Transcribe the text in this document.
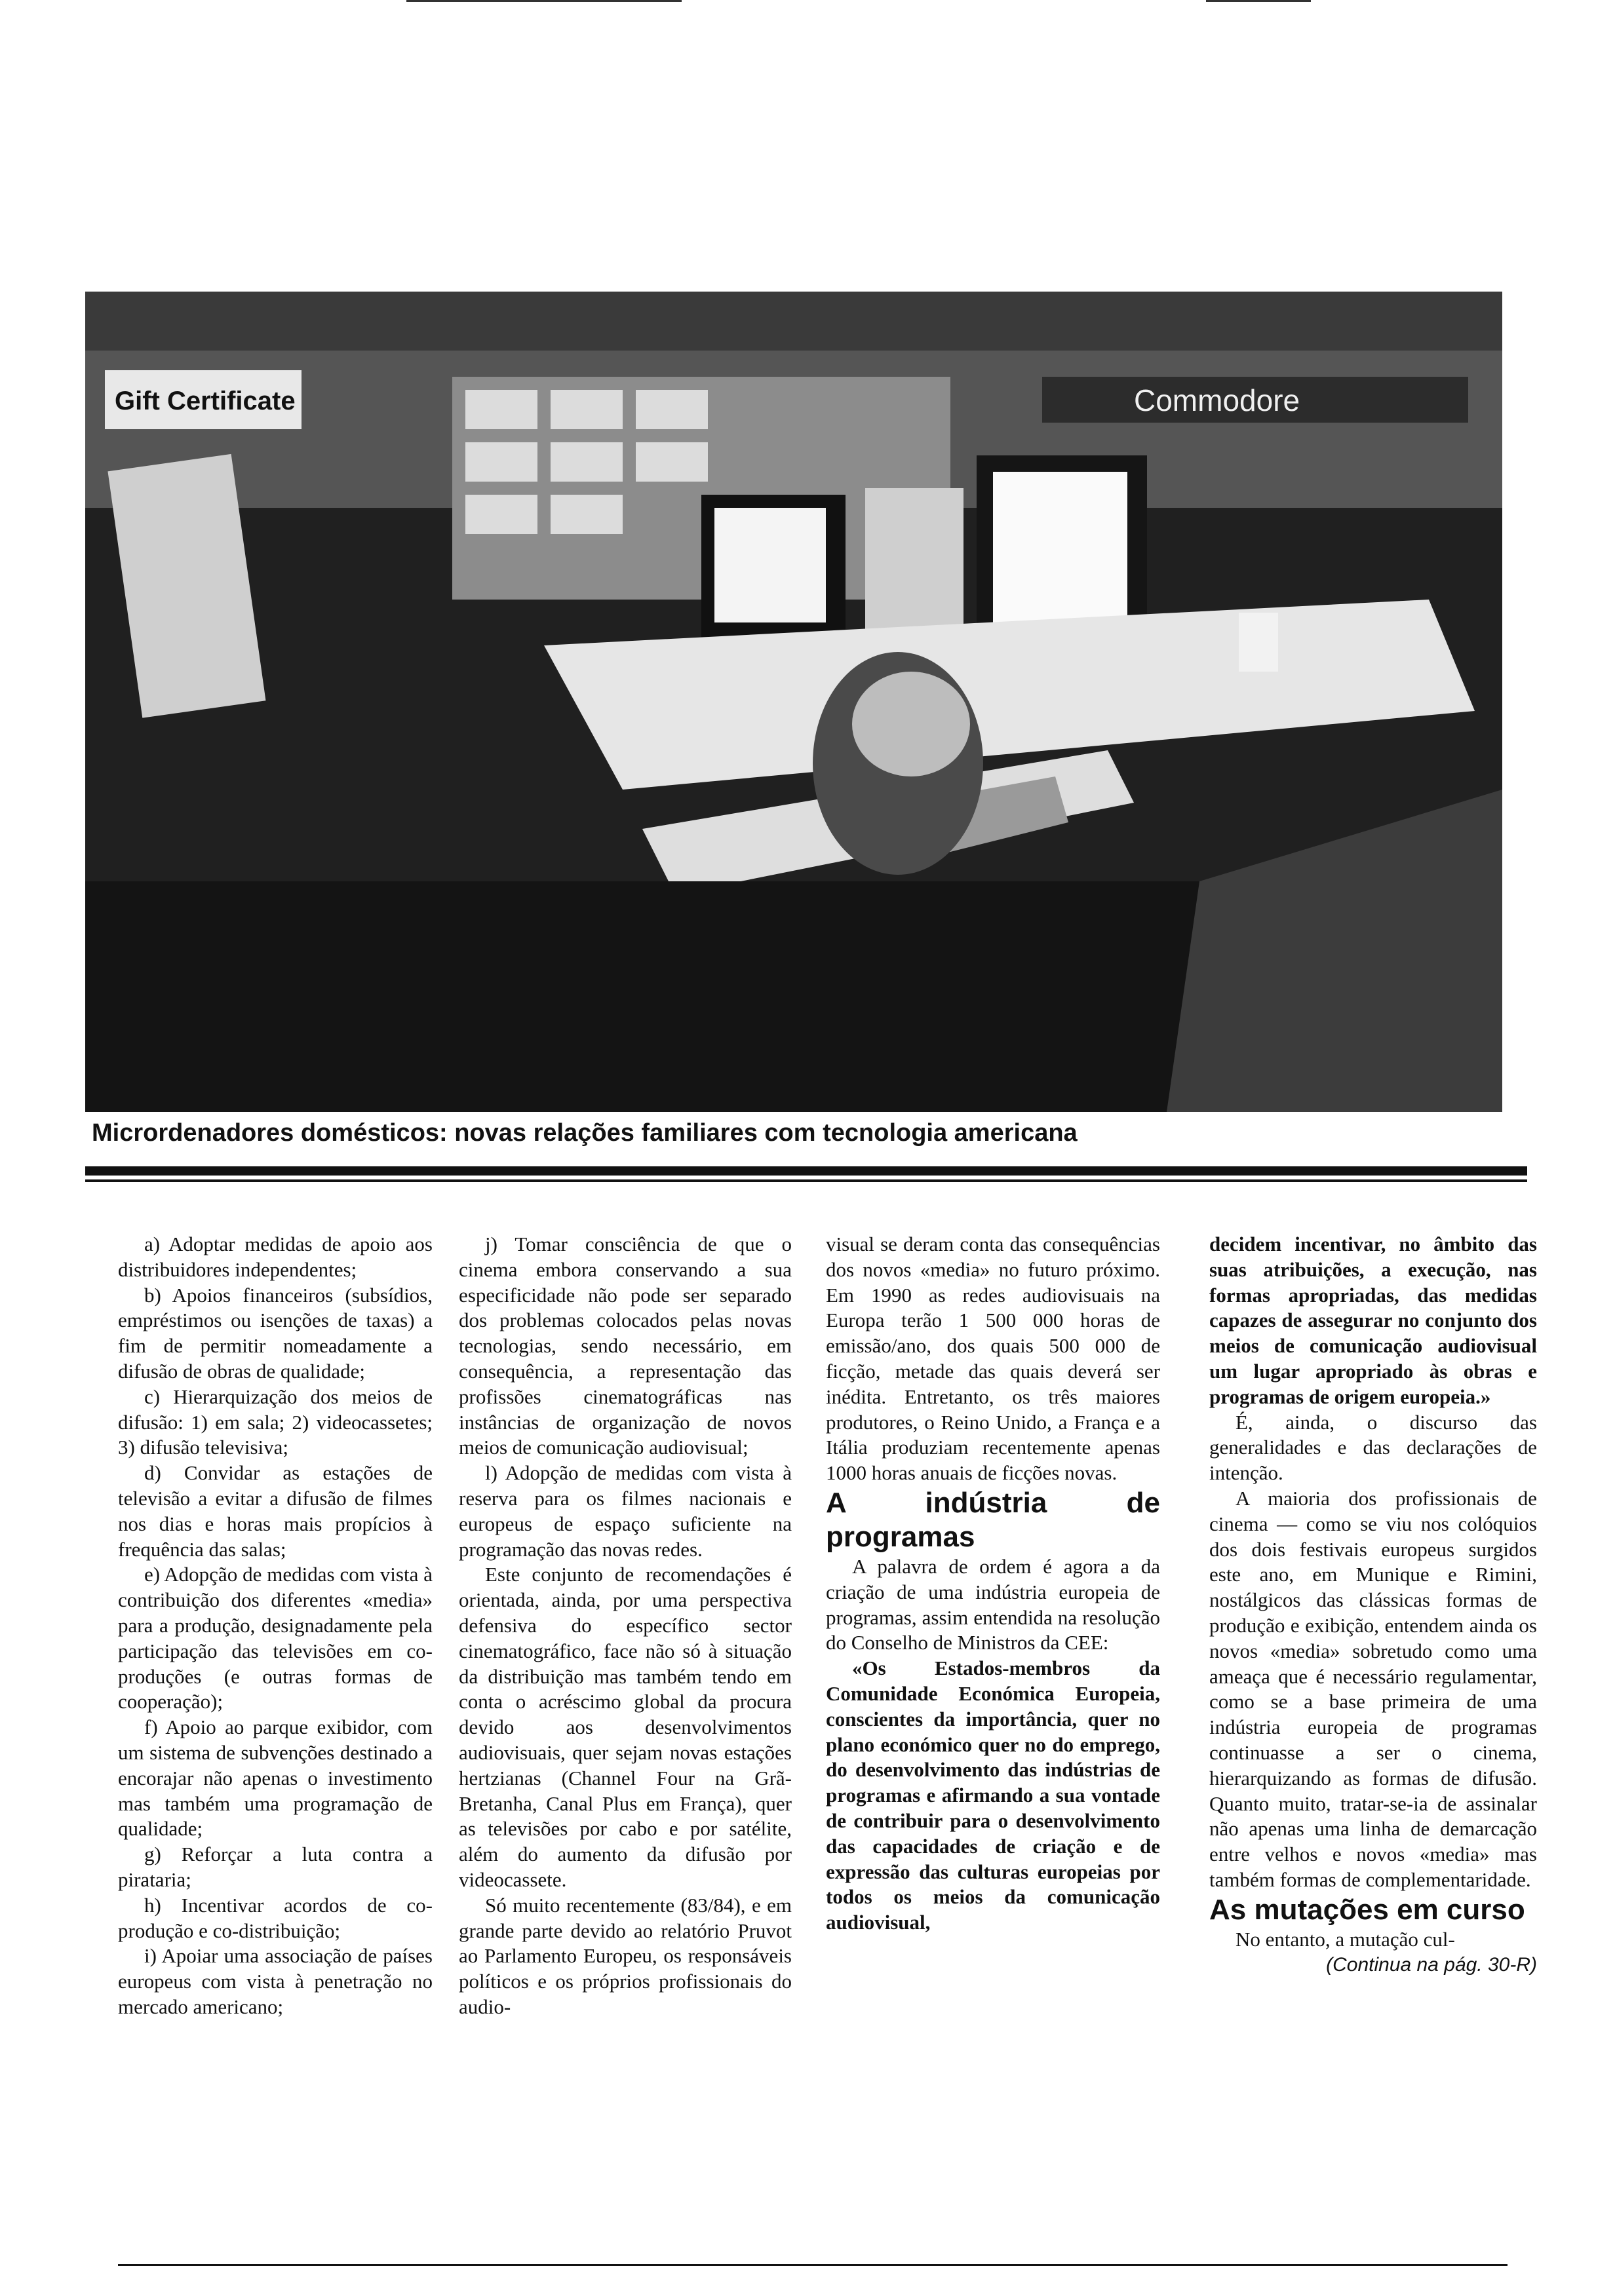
Gift Certificate	Commodore
Micrordenadores domésticos: novas relações familiares com tecnologia americana

a) Adoptar medidas de apoio aos distribuidores independentes;

b) Apoios financeiros (subsídios, empréstimos ou isenções de taxas) a fim de permitir nomeadamente a difusão de obras de qualidade;

c) Hierarquização dos meios de difusão: 1) em sala; 2) videocassetes; 3) difusão televisiva;

d) Convidar as estações de televisão a evitar a difusão de filmes nos dias e horas mais propícios à frequência das salas;

e) Adopção de medidas com vista à contribuição dos diferentes «media» para a produção, designadamente pela participação das televisões em co-produções (e outras formas de cooperação);

f) Apoio ao parque exibidor, com um sistema de subvenções destinado a encorajar não apenas o investimento mas também uma programação de qualidade;

g) Reforçar a luta contra a pirataria;

h) Incentivar acordos de co-produção e co-distribuição;

i) Apoiar uma associação de países europeus com vista à penetração no mercado americano;

j) Tomar consciência de que o cinema embora conservando a sua especificidade não pode ser separado dos problemas colocados pelas novas tecnologias, sendo necessário, em consequência, a representação das profissões cinematográficas nas instâncias de organização de novos meios de comunicação audiovisual;

l) Adopção de medidas com vista à reserva para os filmes nacionais e europeus de espaço suficiente na programação das novas redes.

Este conjunto de recomendações é orientada, ainda, por uma perspectiva defensiva do específico sector cinematográfico, face não só à situação da distribuição mas também tendo em conta o acréscimo global da procura devido aos desenvolvimentos audiovisuais, quer sejam novas estações hertzianas (Channel Four na Grã-Bretanha, Canal Plus em França), quer as televisões por cabo e por satélite, além do aumento da difusão por videocassete.

Só muito recentemente (83/84), e em grande parte devido ao relatório Pruvot ao Parlamento Europeu, os responsáveis políticos e os próprios profissionais do audio-

visual se deram conta das consequências dos novos «media» no futuro próximo. Em 1990 as redes audiovisuais na Europa terão 1 500 000 horas de emissão/ano, dos quais 500 000 de ficção, metade das quais deverá ser inédita. Entretanto, os três maiores produtores, o Reino Unido, a França e a Itália produziam recentemente apenas 1000 horas anuais de ficções novas.

A indústria de programas

A palavra de ordem é agora a da criação de uma indústria europeia de programas, assim entendida na resolução do Conselho de Ministros da CEE:

«Os Estados-membros da Comunidade Económica Europeia, conscientes da importância, quer no plano económico quer no do emprego, do desenvolvimento das indústrias de programas e afirmando a sua vontade de contribuir para o desenvolvimento das capacidades de criação e de expressão das culturas europeias por todos os meios da comunicação audiovisual,

decidem incentivar, no âmbito das suas atribuições, a execução, nas formas apropriadas, das medidas capazes de assegurar no conjunto dos meios de comunicação audiovisual um lugar apropriado às obras e programas de origem europeia.»

É, ainda, o discurso das generalidades e das declarações de intenção.

A maioria dos profissionais de cinema — como se viu nos colóquios dos dois festivais europeus surgidos este ano, em Munique e Rimini, nostálgicos das clássicas formas de produção e exibição, entendem ainda os novos «media» sobretudo como uma ameaça que é necessário regulamentar, como se a base primeira de uma indústria europeia de programas continuasse a ser o cinema, hierarquizando as formas de difusão. Quanto muito, tratar-se-ia de assinalar não apenas uma linha de demarcação entre velhos e novos «media» mas também formas de complementaridade.

As mutações em curso

No entanto, a mutação cul-

(Continua na pág. 30-R)
